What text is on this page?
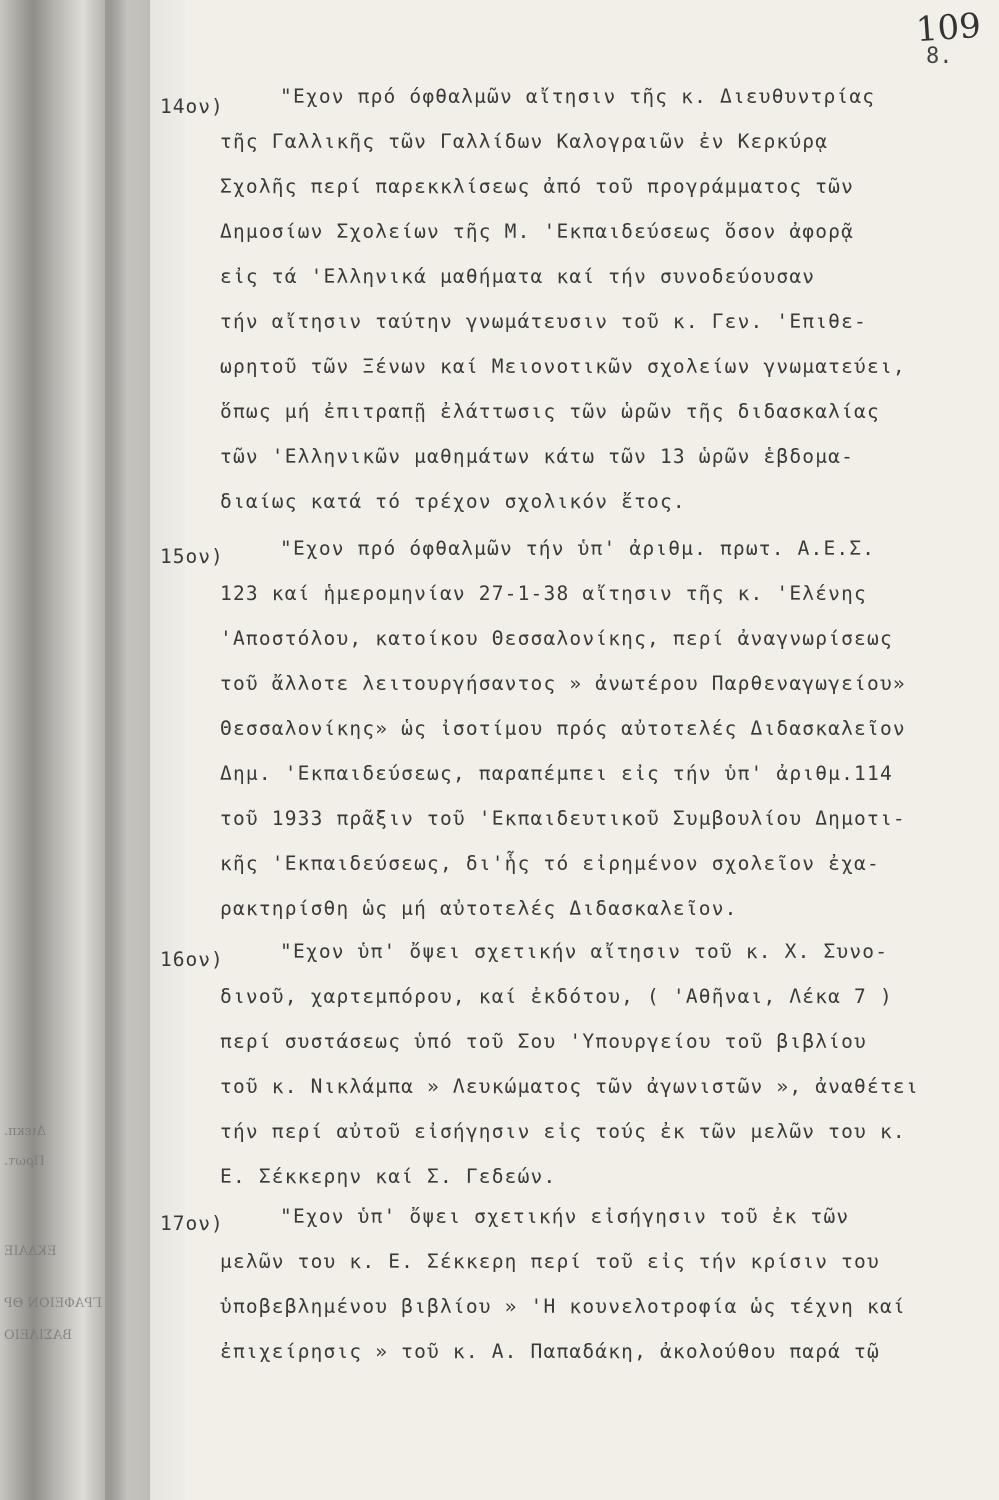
ΒΑΣΙΛΕΙΟ
ΓΡΑΦΕΙΟΝ ΘΡ
ΕΚΔΑΙΕ
Πρωτ.
Διεκπ.
109
8.
14ον)	"Εχον πρό όφθαλμῶν αἴτησιν τῆς κ. Διευθυντρίας
τῆς Γαλλικῆς τῶν Γαλλίδων Καλογραιῶν ἐν Κερκύρᾳ
Σχολῆς περί παρεκκλίσεως ἀπό τοῦ προγράμματος τῶν
Δημοσίων Σχολείων τῆς Μ. 'Εκπαιδεύσεως ὅσον ἀφορᾷ
εἰς τά 'Ελληνικά μαθήματα καί τήν συνοδεύουσαν
τήν αἴτησιν ταύτην γνωμάτευσιν τοῦ κ. Γεν. 'Επιθε-
ωρητοῦ τῶν Ξένων καί Μειονοτικῶν σχολείων γνωματεύει,
ὅπως μή ἐπιτραπῇ ἐλάττωσις τῶν ὡρῶν τῆς διδασκαλίας
τῶν 'Ελληνικῶν μαθημάτων κάτω τῶν 13 ὡρῶν ἑβδομα-
διαίως κατά τό τρέχον σχολικόν ἔτος.
15ον)	"Εχον πρό όφθαλμῶν τήν ὑπ' ἀριθμ. πρωτ. Α.Ε.Σ.
123 καί ἡμερομηνίαν 27-1-38 αἴτησιν τῆς κ. 'Ελένης
'Αποστόλου, κατοίκου Θεσσαλονίκης, περί ἀναγνωρίσεως
τοῦ ἄλλοτε λειτουργήσαντος » ἀνωτέρου Παρθεναγωγείου»
Θεσσαλονίκης» ὡς ἰσοτίμου πρός αὐτοτελές Διδασκαλεῖον
Δημ. 'Εκπαιδεύσεως, παραπέμπει εἰς τήν ὑπ' ἀριθμ.114
τοῦ 1933 πρᾶξιν τοῦ 'Εκπαιδευτικοῦ Συμβουλίου Δημοτι-
κῆς 'Εκπαιδεύσεως, δι'ἧς τό εἰρημένον σχολεῖον ἐχα-
ρακτηρίσθη ὡς μή αὐτοτελές Διδασκαλεῖον.
16ον)	"Εχον ὑπ' ὄψει σχετικήν αἴτησιν τοῦ κ. Χ. Συνο-
δινοῦ, χαρτεμπόρου, καί ἐκδότου, ( 'Αθῆναι, Λέκα 7 )
περί συστάσεως ὑπό τοῦ Σου 'Υπουργείου τοῦ βιβλίου
τοῦ κ. Νικλάμπα » Λευκώματος τῶν ἀγωνιστῶν », ἀναθέτει
τήν περί αὐτοῦ εἰσήγησιν εἰς τούς ἐκ τῶν μελῶν του κ.
Ε. Σέκκερην καί Σ. Γεδεών.
17ον)	"Εχον ὑπ' ὄψει σχετικήν εἰσήγησιν τοῦ ἐκ τῶν
μελῶν του κ. Ε. Σέκκερη περί τοῦ εἰς τήν κρίσιν του
ὑποβεβλημένου βιβλίου » 'Η κουνελοτροφία ὡς τέχνη καί
ἐπιχείρησις » τοῦ κ. Α. Παπαδάκη, ἀκολούθου παρά τῷ
